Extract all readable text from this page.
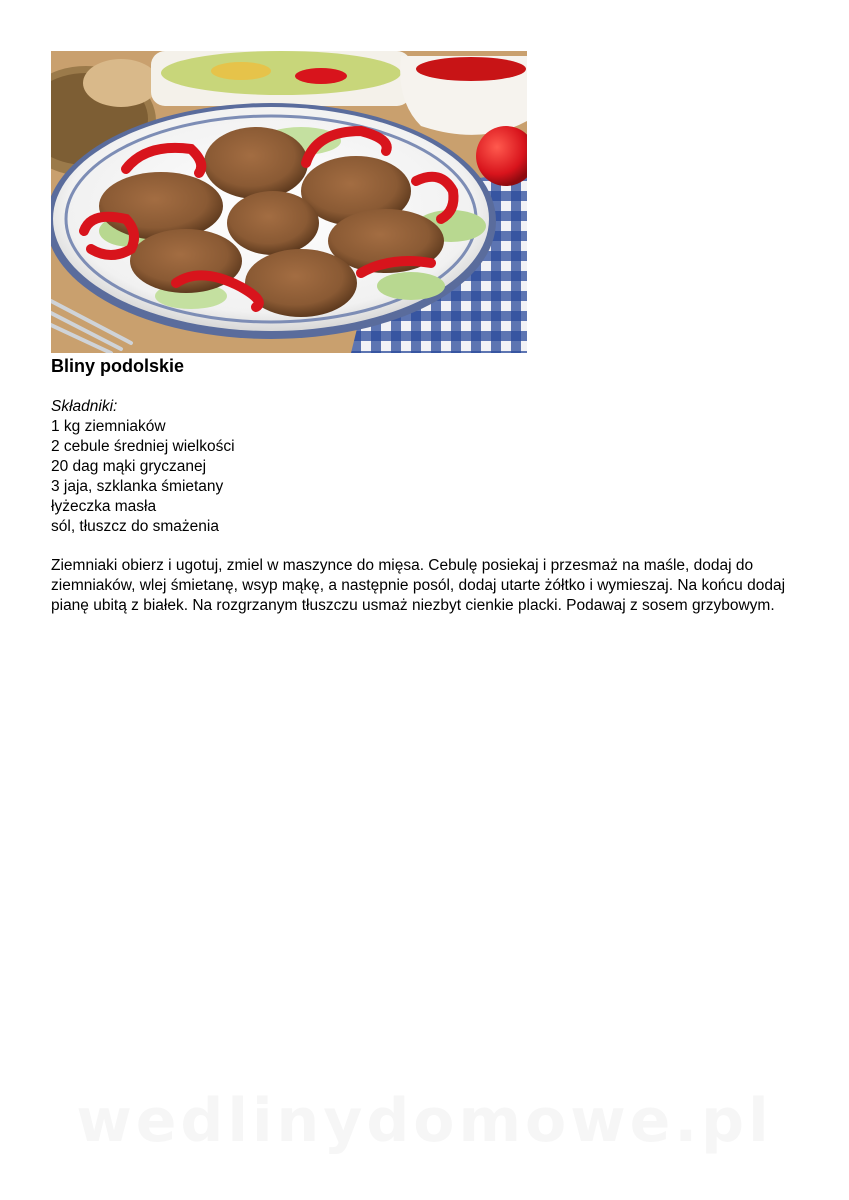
Bliny podolskie
Składniki:
1 kg ziemniaków
2 cebule średniej wielkości
20 dag mąki gryczanej
3 jaja, szklanka śmietany
łyżeczka masła
sól, tłuszcz do smażenia

Ziemniaki obierz i ugotuj, zmiel w maszynce do mięsa. Cebulę posiekaj i przesmaż na maśle, dodaj do ziemniaków, wlej śmietanę, wsyp mąkę, a następnie posól, dodaj utarte żółtko i wymieszaj. Na końcu dodaj pianę ubitą z białek. Na rozgrzanym tłuszczu usmaż niezbyt cienkie placki. Podawaj z sosem grzybowym.

wedlinydomowe.pl
